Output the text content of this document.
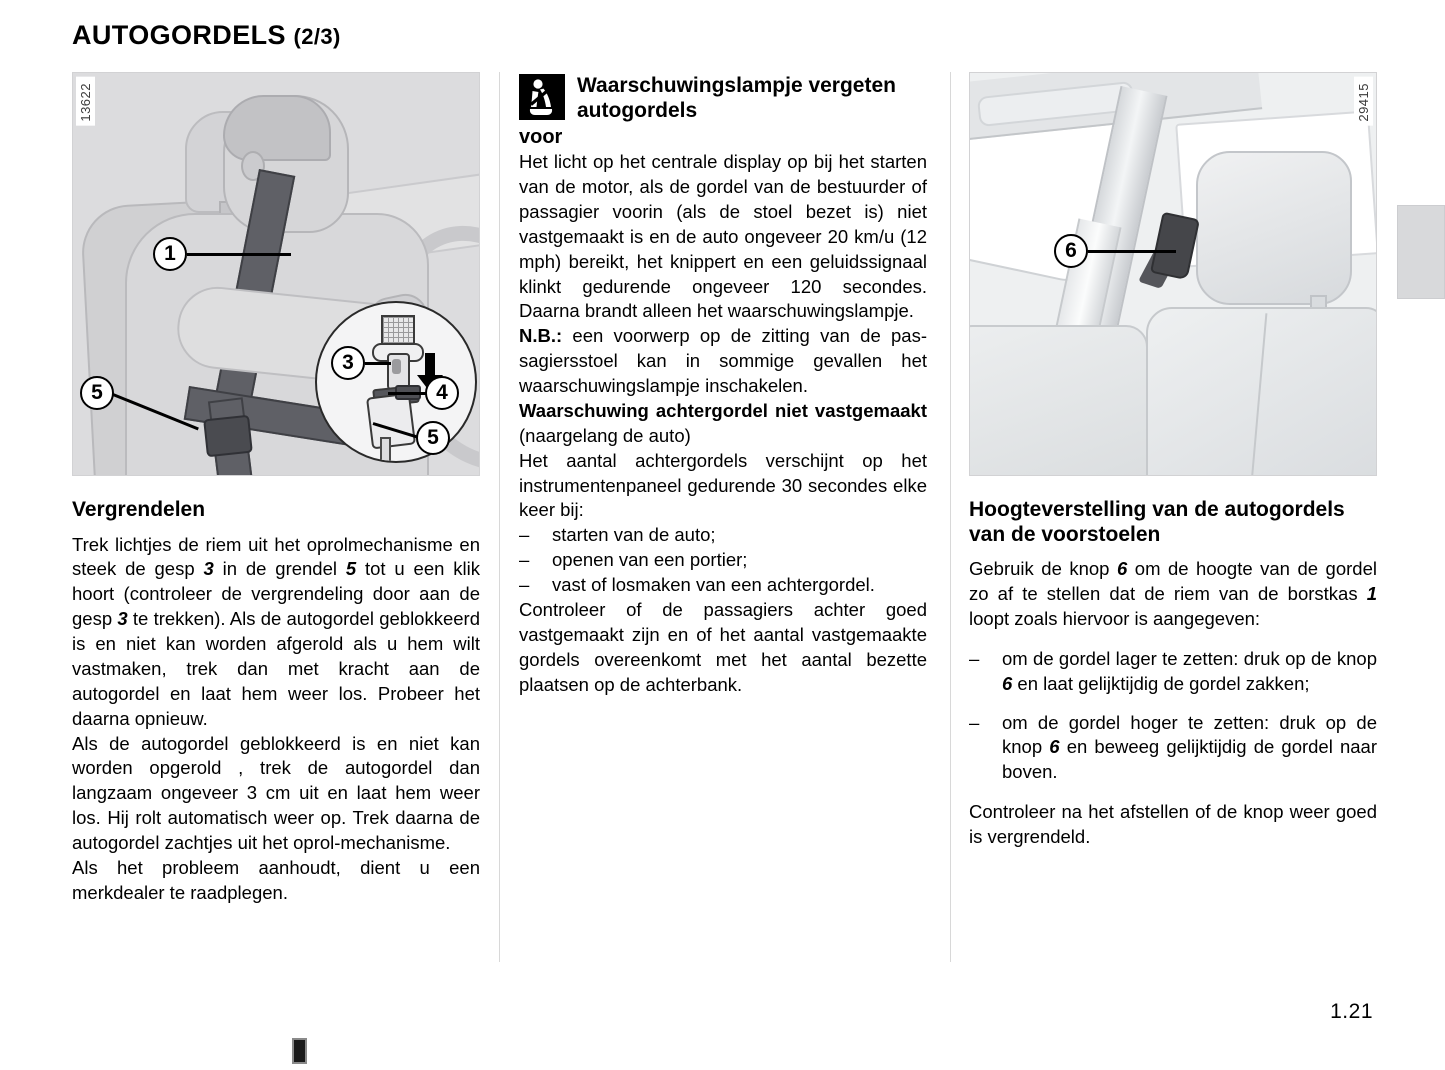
AUTOGORDELS (2/3)
13622
1
5
3
4
5
Vergrendelen

Trek lichtjes de riem uit het oprolmechanisme en steek de gesp 3 in de grendel 5 tot u een klik hoort (controleer de vergrendeling door aan de gesp 3 te trekken). Als de autogordel geblokkeerd is en niet kan worden afgerold als u hem wilt vastmaken, trek dan met kracht aan de autogordel en laat hem weer los. Probeer het daarna opnieuw.

Als de autogordel geblokkeerd is en niet kan worden opgerold , trek de autogordel dan langzaam ongeveer 3 cm uit en laat hem weer los. Hij rolt automatisch weer op. Trek daarna de autogordel zachtjes uit het oprol-mechanisme.

Als het probleem aanhoudt, dient u een merkdealer te raadplegen.

Waarschuwingslampje vergeten autogordels
voor

Het licht op het centrale display op bij het starten van de motor, als de gordel van de bestuurder of passagier voorin (als de stoel bezet is) niet vastgemaakt is en de auto ongeveer 20 km/u (12 mph) bereikt, het knippert en een geluidssignaal klinkt gedurende ongeveer 120 secondes. Daarna brandt alleen het waarschuwingslampje.

N.B.: een voorwerp op de zitting van de passagiersstoel kan in sommige gevallen het waarschuwingslampje inschakelen.

Waarschuwing achtergordel niet vastgemaakt (naargelang de auto)

Het aantal achtergordels verschijnt op het instrumentenpaneel gedurende 30 secondes elke keer bij:

– starten van de auto;
– openen van een portier;
– vast of losmaken van een achtergordel.

Controleer of de passagiers achter goed vastgemaakt zijn en of het aantal vastgemaakte gordels overeenkomt met het aantal bezette plaatsen op de achterbank.

29415
6
Hoogteverstelling van de autogordels van de voorstoelen

Gebruik de knop 6 om de hoogte van de gordel zo af te stellen dat de riem van de borstkas 1 loopt zoals hiervoor is aangegeven:

– om de gordel lager te zetten: druk op de knop 6 en laat gelijktijdig de gordel zakken;
– om de gordel hoger te zetten: druk op de knop 6 en beweeg gelijktijdig de gordel naar boven.

Controleer na het afstellen of de knop weer goed is vergrendeld.

1.21
